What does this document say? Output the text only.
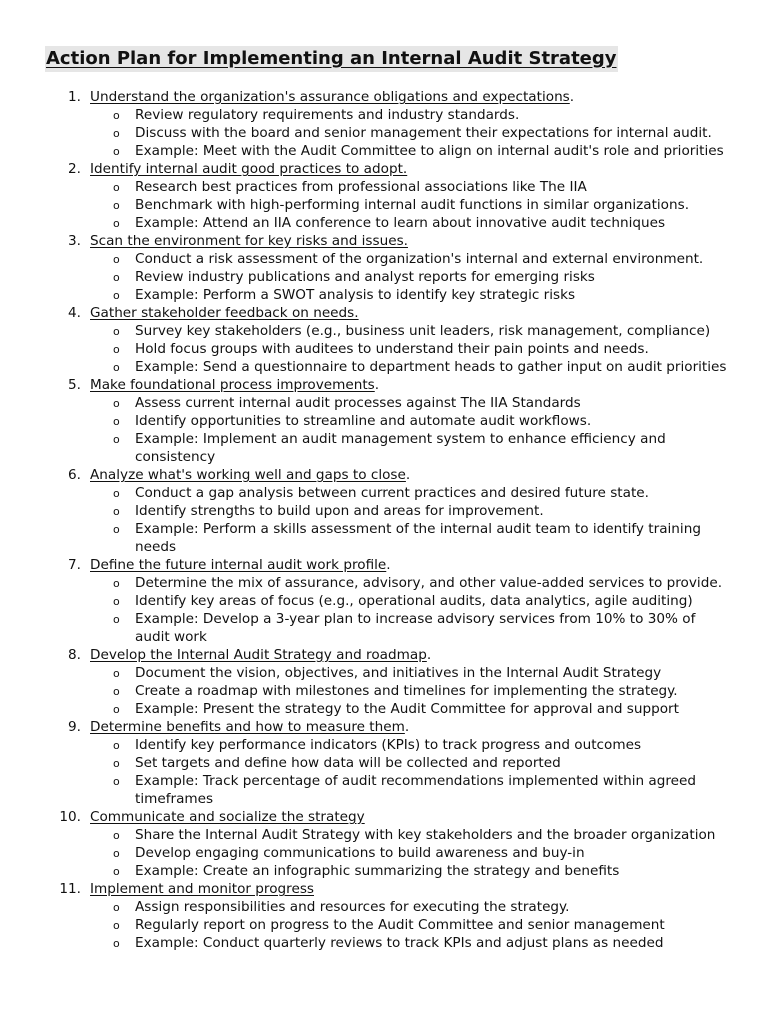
Action Plan for Implementing an Internal Audit Strategy
1. Understand the organization's assurance obligations and expectations.
o Review regulatory requirements and industry standards.
o Discuss with the board and senior management their expectations for internal audit.
o Example: Meet with the Audit Committee to align on internal audit's role and priorities
2. Identify internal audit good practices to adopt.
o Research best practices from professional associations like The IIA
o Benchmark with high-performing internal audit functions in similar organizations.
o Example: Attend an IIA conference to learn about innovative audit techniques
3. Scan the environment for key risks and issues.
o Conduct a risk assessment of the organization's internal and external environment.
o Review industry publications and analyst reports for emerging risks
o Example: Perform a SWOT analysis to identify key strategic risks
4. Gather stakeholder feedback on needs.
o Survey key stakeholders (e.g., business unit leaders, risk management, compliance)
o Hold focus groups with auditees to understand their pain points and needs.
o Example: Send a questionnaire to department heads to gather input on audit priorities
5. Make foundational process improvements.
o Assess current internal audit processes against The IIA Standards
o Identify opportunities to streamline and automate audit workflows.
o Example: Implement an audit management system to enhance efficiency and consistency
6. Analyze what's working well and gaps to close.
o Conduct a gap analysis between current practices and desired future state.
o Identify strengths to build upon and areas for improvement.
o Example: Perform a skills assessment of the internal audit team to identify training needs
7. Define the future internal audit work profile.
o Determine the mix of assurance, advisory, and other value-added services to provide.
o Identify key areas of focus (e.g., operational audits, data analytics, agile auditing)
o Example: Develop a 3-year plan to increase advisory services from 10% to 30% of audit work
8. Develop the Internal Audit Strategy and roadmap.
o Document the vision, objectives, and initiatives in the Internal Audit Strategy
o Create a roadmap with milestones and timelines for implementing the strategy.
o Example: Present the strategy to the Audit Committee for approval and support
9. Determine benefits and how to measure them.
o Identify key performance indicators (KPIs) to track progress and outcomes
o Set targets and define how data will be collected and reported
o Example: Track percentage of audit recommendations implemented within agreed timeframes
10. Communicate and socialize the strategy
o Share the Internal Audit Strategy with key stakeholders and the broader organization
o Develop engaging communications to build awareness and buy-in
o Example: Create an infographic summarizing the strategy and benefits
11. Implement and monitor progress
o Assign responsibilities and resources for executing the strategy.
o Regularly report on progress to the Audit Committee and senior management
o Example: Conduct quarterly reviews to track KPIs and adjust plans as needed
